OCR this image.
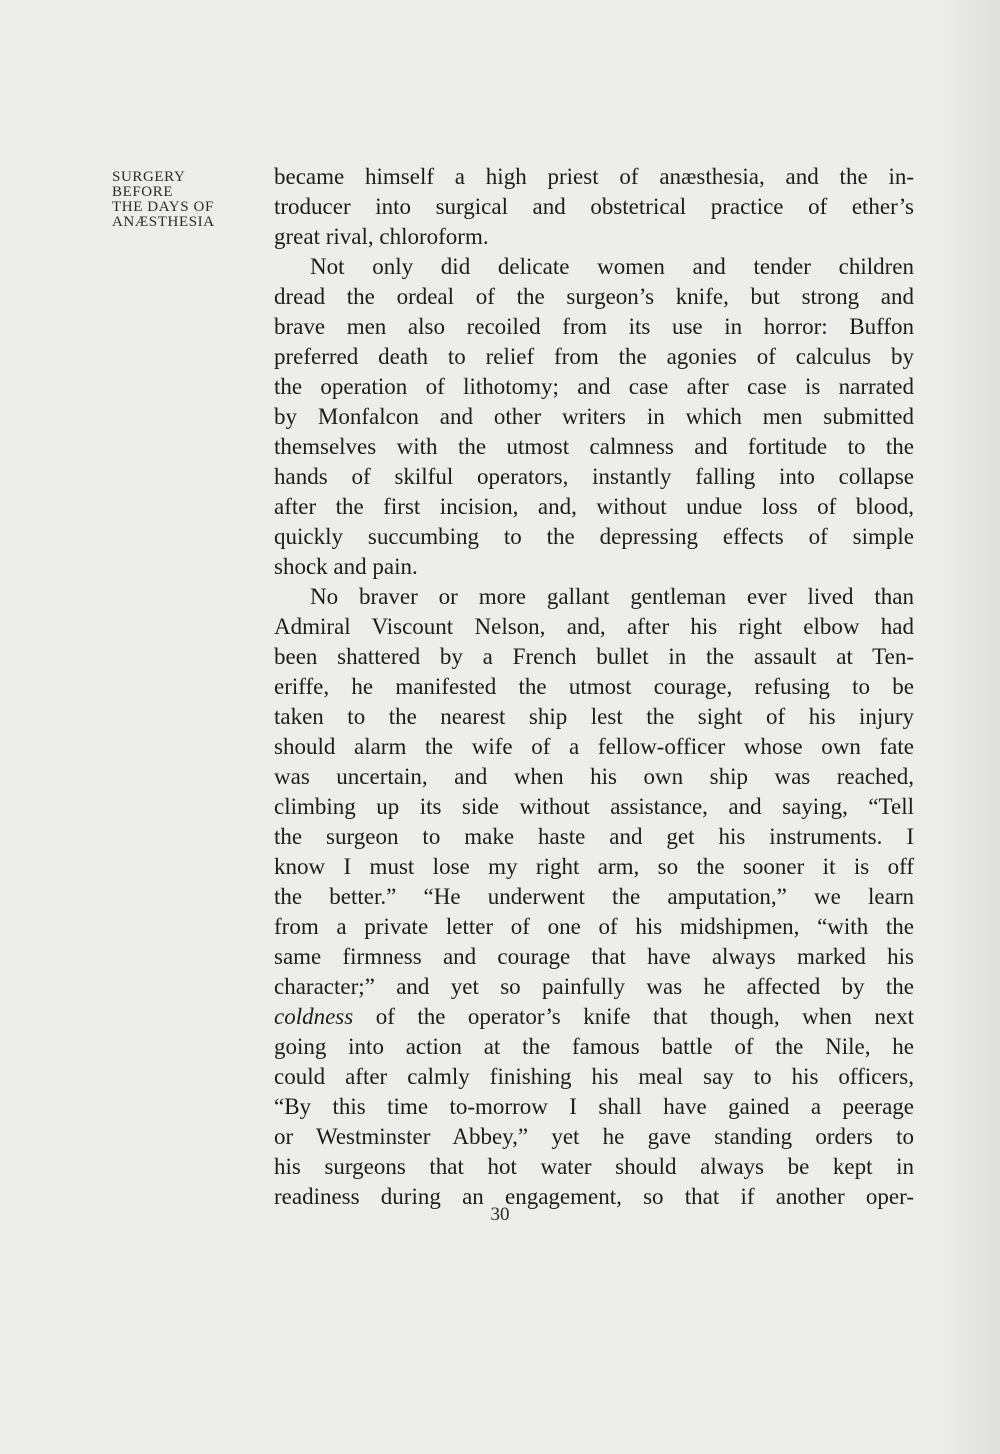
SURGERY
BEFORE
THE DAYS OF
ANÆSTHESIA
became himself a high priest of anæsthesia, and the in-
troducer into surgical and obstetrical practice of ether’s
great rival, chloroform.
Not only did delicate women and tender children
dread the ordeal of the surgeon’s knife, but strong and
brave men also recoiled from its use in horror: Buffon
preferred death to relief from the agonies of calculus by
the operation of lithotomy; and case after case is narrated
by Monfalcon and other writers in which men submitted
themselves with the utmost calmness and fortitude to the
hands of skilful operators, instantly falling into collapse
after the first incision, and, without undue loss of blood,
quickly succumbing to the depressing effects of simple
shock and pain.
No braver or more gallant gentleman ever lived than
Admiral Viscount Nelson, and, after his right elbow had
been shattered by a French bullet in the assault at Ten-
eriffe, he manifested the utmost courage, refusing to be
taken to the nearest ship lest the sight of his injury
should alarm the wife of a fellow-officer whose own fate
was uncertain, and when his own ship was reached,
climbing up its side without assistance, and saying, “Tell
the surgeon to make haste and get his instruments. I
know I must lose my right arm, so the sooner it is off
the better.” “He underwent the amputation,” we learn
from a private letter of one of his midshipmen, “with the
same firmness and courage that have always marked his
character;” and yet so painfully was he affected by the
coldness of the operator’s knife that though, when next
going into action at the famous battle of the Nile, he
could after calmly finishing his meal say to his officers,
“By this time to-morrow I shall have gained a peerage
or Westminster Abbey,” yet he gave standing orders to
his surgeons that hot water should always be kept in
readiness during an engagement, so that if another oper-
30
